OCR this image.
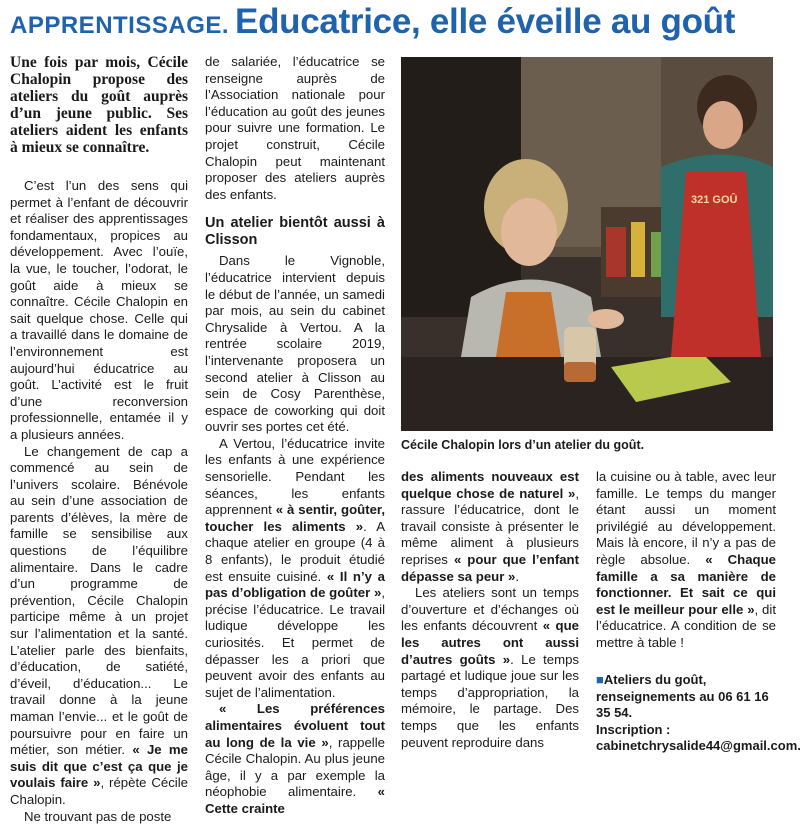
APPRENTISSAGE. Educatrice, elle éveille au goût

Une fois par mois, Cécile Chalopin propose des ateliers du goût auprès d’un jeune public. Ses ateliers aident les enfants à mieux se connaître.

C’est l’un des sens qui permet à l’enfant de découvrir et réaliser des apprentissages fondamentaux, propices au développement. Avec l’ouïe, la vue, le toucher, l’odorat, le goût aide à mieux se connaître. Cécile Chalopin en sait quelque chose. Celle qui a travaillé dans le domaine de l’environnement est aujourd’hui éducatrice au goût. L’activité est le fruit d’une reconversion professionnelle, entamée il y a plusieurs années.

Le changement de cap a commencé au sein de l’univers scolaire. Bénévole au sein d’une association de parents d’élèves, la mère de famille se sensibilise aux questions de l’équilibre alimentaire. Dans le cadre d’un programme de prévention, Cécile Chalopin participe même à un projet sur l’alimentation et la santé. L’atelier parle des bienfaits, d’éducation, de satiété, d’éveil, d’éducation... Le travail donne à la jeune maman l’envie... et le goût de poursuivre pour en faire un métier, son métier. « Je me suis dit que c’est ça que je voulais faire », répète Cécile Chalopin.

Ne trouvant pas de poste

de salariée, l’éducatrice se renseigne auprès de l’Association nationale pour l’éducation au goût des jeunes pour suivre une formation. Le projet construit, Cécile Chalopin peut maintenant proposer des ateliers auprès des enfants.

Un atelier bientôt aussi à Clisson

Dans le Vignoble, l’éducatrice intervient depuis le début de l’année, un samedi par mois, au sein du cabinet Chrysalide à Vertou. A la rentrée scolaire 2019, l’intervenante proposera un second atelier à Clisson au sein de Cosy Parenthèse, espace de coworking qui doit ouvrir ses portes cet été.

A Vertou, l’éducatrice invite les enfants à une expérience sensorielle. Pendant les séances, les enfants apprennent « à sentir, goûter, toucher les aliments ». A chaque atelier en groupe (4 à 8 enfants), le produit étudié est ensuite cuisiné. « Il n’y a pas d’obligation de goûter », précise l’éducatrice. Le travail ludique développe les curiosités. Et permet de dépasser les a priori que peuvent avoir des enfants au sujet de l’alimentation.

« Les préférences alimentaires évoluent tout au long de la vie », rappelle Cécile Chalopin. Au plus jeune âge, il y a par exemple la néophobie alimentaire. « Cette crainte

321 GOÛ
Cécile Chalopin lors d’un atelier du goût.

des aliments nouveaux est quelque chose de naturel », rassure l’éducatrice, dont le travail consiste à présenter le même aliment à plusieurs reprises « pour que l’enfant dépasse sa peur ».

Les ateliers sont un temps d’ouverture et d’échanges où les enfants découvrent « que les autres ont aussi d’autres goûts ». Le temps partagé et ludique joue sur les temps d’appropriation, la mémoire, le partage. Des temps que les enfants peuvent reproduire dans

la cuisine ou à table, avec leur famille. Le temps du manger étant aussi un moment privilégié au développement. Mais là encore, il n’y a pas de règle absolue. « Chaque famille a sa manière de fonctionner. Et sait ce qui est le meilleur pour elle », dit l’éducatrice. A condition de se mettre à table !

■Ateliers du goût, renseignements au 06 61 16 35 54.
Inscription : cabinetchrysalide44@gmail.com.
